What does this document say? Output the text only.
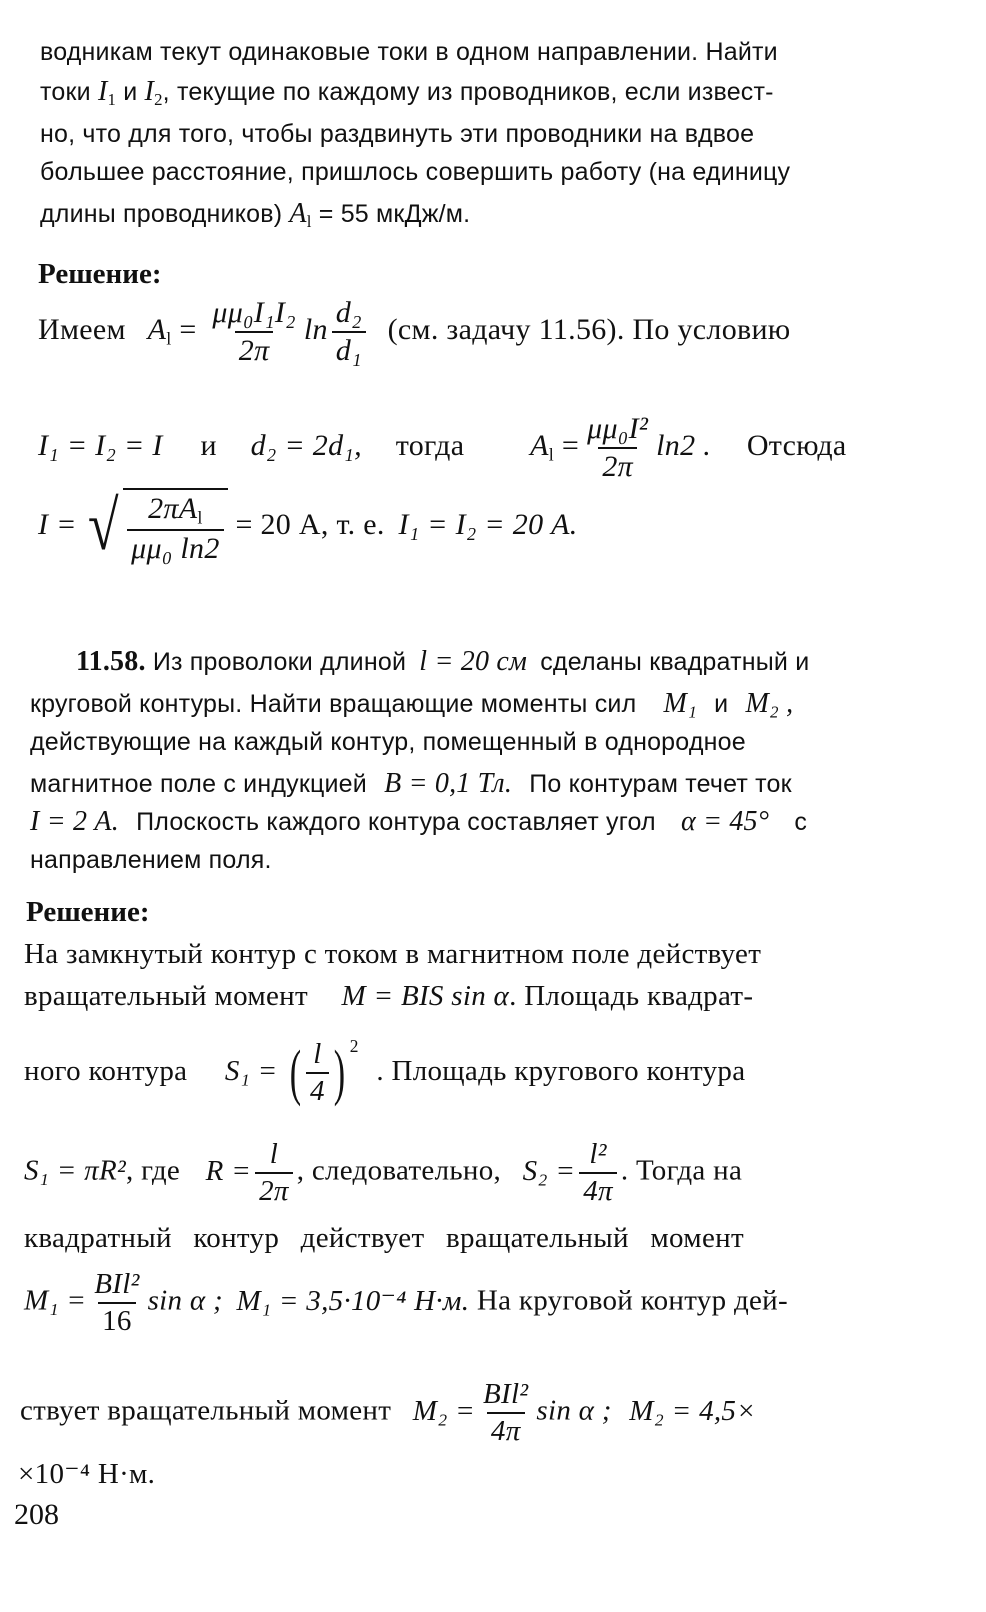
водникам текут одинаковые токи в одном направлении. Найти
токи $I_1$ и $I_2$, текущие по каждому из проводников, если извест-
но, что для того, чтобы раздвинуть эти проводники на вдвое
большее расстояние, пришлось совершить работу (на единицу
длины проводников) $A_l = 55$ мкДж/м.
Решение:
Имеем $A_l = \frac{\text{μμ₀I₁I₂}}{2\pi}$ $\ln \frac{\text{d₂}}{\text{d₁}} (см$. задачу 11.56). По условию
I₁ = I₂ = I и d₂ = 2d₁, тогда $A_l = \frac{\text{μμ₀I²}}{2\pi} \ln 2$ . Отсюда
I = √ $\frac{2\pi A_l}{\text{μμ₀ ln2}} = 20$ А, т. е. I₁ = I₂ = 20 А.
11.58. Из проволоки длиной l = 20 см сделаны квадратный и
круговой контуры. Найти вращающие моменты сил M₁ и M₂ ,
действующие на каждый контур, помещенный в однородное
магнитное поле с индукцией B = 0,1 Тл. По контурам течет ток
I = 2 А. Плоскость каждого контура составляет угол α = 45° с
направлением поля.
Решение:
На замкнутый контур с током в магнитном поле действует
вращательный момент M = BIS sin α. Площадь квадрат-
ного контура S₁ = ( $\frac{l}{4}$ ) $^2$ . Площадь кругового контура
S₁ = πR², где $R = \frac{l}{2\pi}$ , следовательно, $S_2 = \frac{\text{l²}}{4\pi}$ . Тогда на
квадратный контур действует вращательный момент
$M_1 = \frac{\text{BIl²}}{16}$ sin α ; M₁ = 3,5·10⁻⁴ Н·м. На круговой контур дей-
ствует вращательный момент $M_2 = \frac{\text{BIl²}}{4\pi}$ sin α ; M₂ = 4,5×
×10⁻⁴ Н·м.
208
